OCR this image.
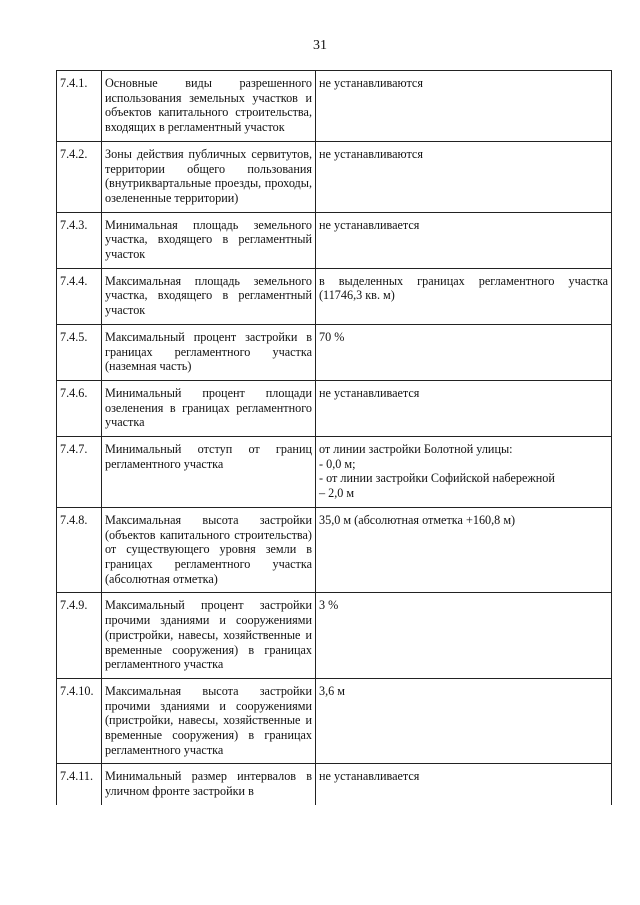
31
7.4.1.	Основные виды разрешенного использования земельных участков и объектов капитального строительства, входящих в регламентный участок	не устанавливаются
7.4.2.	Зоны действия публичных сервитутов, территории общего пользования (внутриквартальные проезды, проходы, озелененные территории)	не устанавливаются
7.4.3.	Минимальная площадь земельного участка, входящего в регламентный участок	не устанавливается
7.4.4.	Максимальная площадь земельного участка, входящего в регламентный участок	в выделенных границах регламентного участка (11746,3 кв. м)
7.4.5.	Максимальный процент застройки в границах регламентного участка (наземная часть)	70 %
7.4.6.	Минимальный процент площади озеленения в границах регламентного участка	не устанавливается
7.4.7.	Минимальный отступ от границ регламентного участка	от линии застройки Болотной улицы:
- 0,0 м;
- от линии застройки Софийской набережной
– 2,0 м

7.4.8.	Максимальная высота застройки (объектов капитального строительства) от существующего уровня земли в границах регламентного участка (абсолютная отметка)	35,0 м (абсолютная отметка +160,8 м)
7.4.9.	Максимальный процент застройки прочими зданиями и сооружениями (пристройки, навесы, хозяйственные и временные сооружения) в границах регламентного участка	3 %
7.4.10.	Максимальная высота застройки прочими зданиями и сооружениями (пристройки, навесы, хозяйственные и временные сооружения) в границах регламентного участка	3,6 м
7.4.11.	Минимальный размер интервалов в уличном фронте застройки в	не устанавливается
